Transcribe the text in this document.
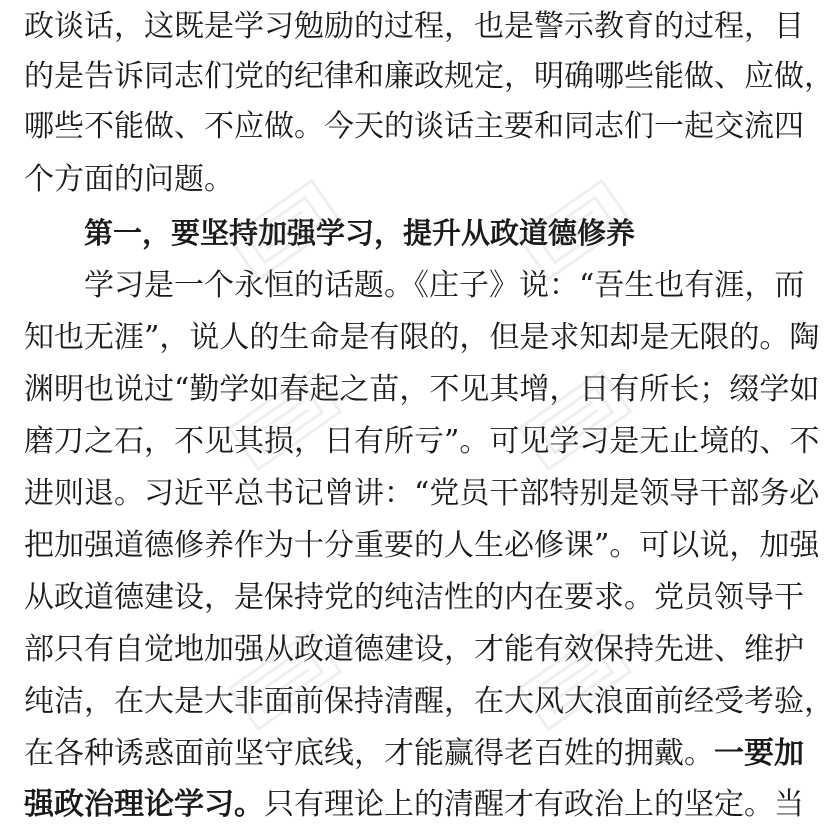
政谈话，这既是学习勉励的过程，也是警示教育的过程，目
的是告诉同志们党的纪律和廉政规定，明确哪些能做、应做，
哪些不能做、不应做。今天的谈话主要和同志们一起交流四
个方面的问题。
第一，要坚持加强学习，提升从政道德修养
学习是一个永恒的话题。《庄子》说：“吾生也有涯，而
知也无涯”，说人的生命是有限的，但是求知却是无限的。陶
渊明也说过“勤学如春起之苗，不见其增，日有所长；缀学如
磨刀之石，不见其损，日有所亏”。可见学习是无止境的、不
进则退。习近平总书记曾讲：“党员干部特别是领导干部务必
把加强道德修养作为十分重要的人生必修课”。可以说，加强
从政道德建设，是保持党的纯洁性的内在要求。党员领导干
部只有自觉地加强从政道德建设，才能有效保持先进、维护
纯洁，在大是大非面前保持清醒，在大风大浪面前经受考验，
在各种诱惑面前坚守底线，才能赢得老百姓的拥戴。一要加
强政治理论学习。只有理论上的清醒才有政治上的坚定。当
